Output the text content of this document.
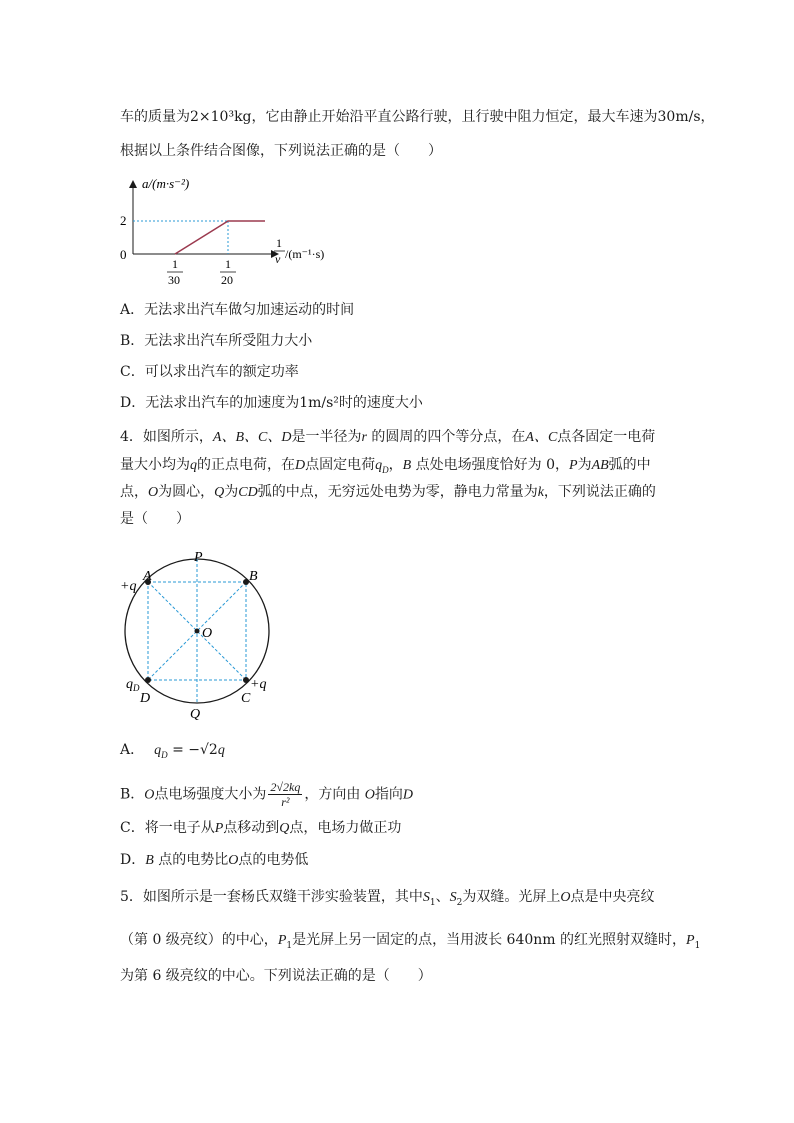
车的质量为2×10³kg，它由静止开始沿平直公路行驶，且行驶中阻力恒定，最大车速为30m/s，
根据以上条件结合图像，下列说法正确的是（　　）
a/(m·s⁻²)
2
0
1
v /(m⁻¹·s)
1
30
1
20
A．无法求出汽车做匀加速运动的时间
B．无法求出汽车所受阻力大小
C．可以求出汽车的额定功率
D．无法求出汽车的加速度为1m/s²时的速度大小
4．如图所示，A、B、C、D是一半径为r 的圆周的四个等分点，在A、C点各固定一电荷
量大小均为q的正点电荷，在D点固定电荷$q_D$，B 点处电场强度恰好为 0，P为AB弧的中
点，O为圆心，Q为CD弧的中点，无穷远处电势为零，静电力常量为k，下列说法正确的
是（　　）
P
A	B
+q
O
+q
$q_D$
D	C
Q
A． $q_D = -√2q$
B．O点电场强度大小为 $\frac{2√2kq}{\text{r²}}$ ，方向由 O指向D
C．将一电子从P点移动到Q点，电场力做正功
D．B 点的电势比O点的电势低
5．如图所示是一套杨氏双缝干涉实验装置，其中$S_1$、$S_2$为双缝。光屏上O点是中央亮纹
（第 0 级亮纹）的中心，$P_1$是光屏上另一固定的点，当用波长 640nm 的红光照射双缝时，$P_1$
为第 6 级亮纹的中心。下列说法正确的是（　　）
